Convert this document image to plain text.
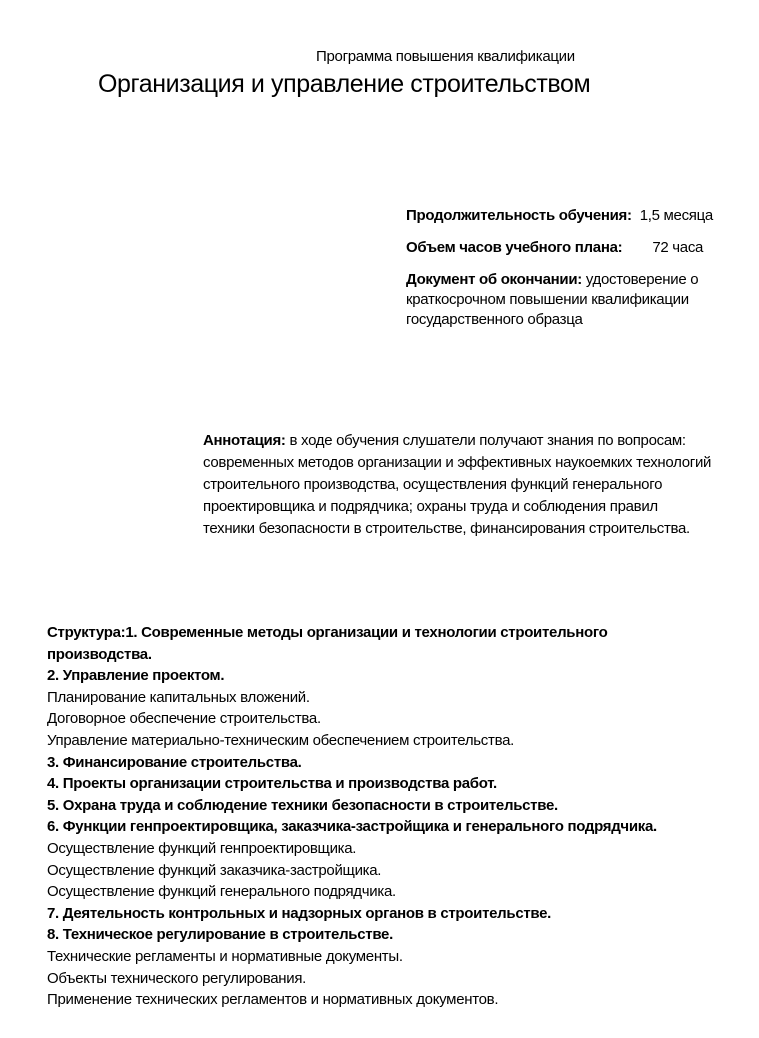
Программа повышения квалификации
Организация и управление строительством
Продолжительность обучения: 1,5 месяца
Объем часов учебного плана: 72 часа
Документ об окончании: удостоверение о
краткосрочном повышении квалификации
государственного образца
Аннотация: в ходе обучения слушатели получают знания по вопросам:
современных методов организации и эффективных наукоемких технологий
строительного производства, осуществления функций генерального
проектировщика и подрядчика; охраны труда и соблюдения правил
техники безопасности в строительстве, финансирования строительства.
Структура:1. Современные методы организации и технологии строительного
производства.
2. Управление проектом.
Планирование капитальных вложений.
Договорное обеспечение строительства.
Управление материально-техническим обеспечением строительства.
3. Финансирование строительства.
4. Проекты организации строительства и производства работ.
5. Охрана труда и соблюдение техники безопасности в строительстве.
6. Функции генпроектировщика, заказчика-застройщика и генерального подрядчика.
Осуществление функций генпроектировщика.
Осуществление функций заказчика-застройщика.
Осуществление функций генерального подрядчика.
7. Деятельность контрольных и надзорных органов в строительстве.
8. Техническое регулирование в строительстве.
Технические регламенты и нормативные документы.
Объекты технического регулирования.
Применение технических регламентов и нормативных документов.
